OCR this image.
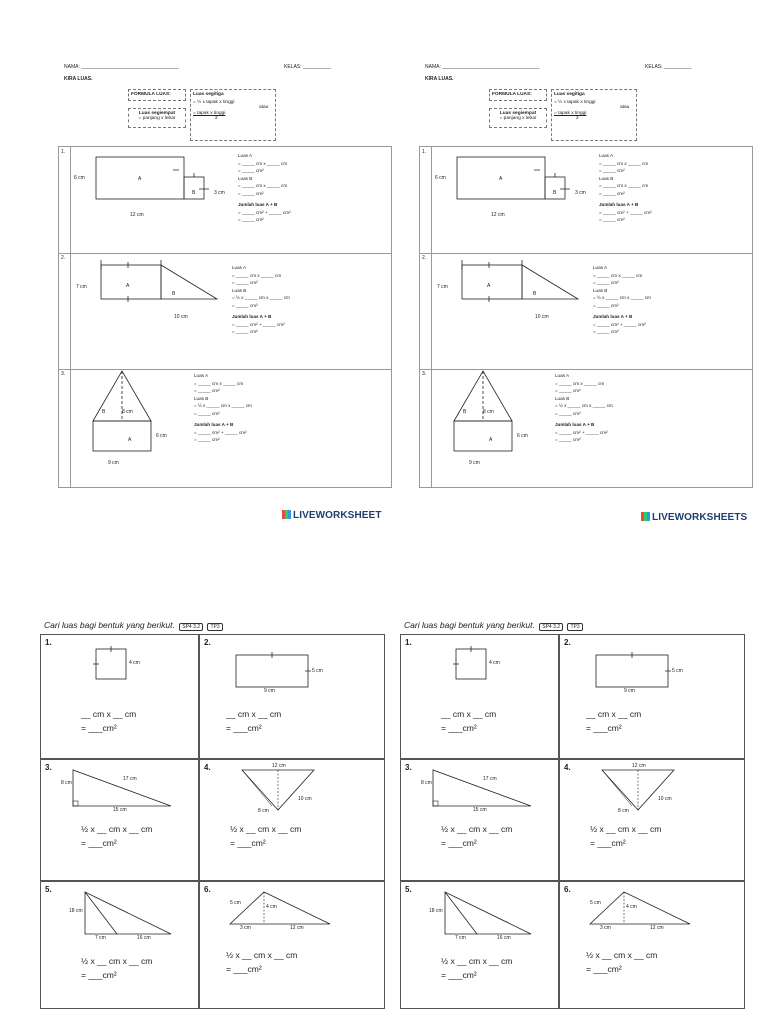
NAMA: ___________________________________	KELAS: __________
KIRA LUAS.
FORMULA LUAS:
Luas segiempat
= panjang x lebar
Luas segitiga
= ½ x tapak x tinggi
atau
= tapak x tinggi
2
1.
2.
3.
A
B
6 cm
3 cm
12 cm
Luas A
= _____ cm x _____ cm
= _____ cm²
Luas B
= _____ cm x _____ cm
= _____ cm²
Jumlah luas A + B
= _____ cm² + _____ cm²
= _____ cm²
A
B
7 cm
10 cm
Luas A
= _____ cm x _____ cm
= _____ cm²
Luas B
= ½ x _____ cm x _____ cm
= _____ cm²
Jumlah luas A + B
= _____ cm² + _____ cm²
= _____ cm²
B	8 cm
A
6 cm
9 cm
Luas A
= _____ cm x _____ cm
= _____ cm²
Luas B
= ½ x _____ cm x _____ cm
= _____ cm²
Jumlah luas A + B
= _____ cm² + _____ cm²
= _____ cm²
NAMA: ___________________________________	KELAS: __________
KIRA LUAS.
FORMULA LUAS:
Luas segiempat
= panjang x lebar
Luas segitiga
= ½ x tapak x tinggi
atau
= tapak x tinggi
2
1.
2.
3.
A
B
6 cm
3 cm
12 cm
Luas A
= _____ cm x _____ cm
= _____ cm²
Luas B
= _____ cm x _____ cm
= _____ cm²
Jumlah luas A + B
= _____ cm² + _____ cm²
= _____ cm²
A
B
7 cm
10 cm
Luas A
= _____ cm x _____ cm
= _____ cm²
Luas B
= ½ x _____ cm x _____ cm
= _____ cm²
Jumlah luas A + B
= _____ cm² + _____ cm²
= _____ cm²
B	8 cm
A
6 cm
9 cm
Luas A
= _____ cm x _____ cm
= _____ cm²
Luas B
= ½ x _____ cm x _____ cm
= _____ cm²
Jumlah luas A + B
= _____ cm² + _____ cm²
= _____ cm²
LIVEWORKSHEET	LIVEWORKSHEETS
Cari luas bagi bentuk yang berikut. SP4 3.2 TP3
1.
4 cm
__ cm x __ cm
= ___cm²
2.
5 cm
9 cm
__ cm x __ cm
= ___cm²
3.
8 cm
17 cm
15 cm
½ x __ cm x __ cm
= ___cm²
4.	12 cm
10 cm
8 cm
½ x __ cm x __ cm
= ___cm²
5.
18 cm
7 cm	16 cm
½ x __ cm x __ cm
= ___cm²
6.
5 cm
4 cm
3 cm	12 cm
½ x __ cm x __ cm
= ___cm²
Cari luas bagi bentuk yang berikut. SP4 3.2 TP3
1.
4 cm
__ cm x __ cm
= ___cm²
2.
5 cm
9 cm
__ cm x __ cm
= ___cm²
3.
8 cm
17 cm
15 cm
½ x __ cm x __ cm
= ___cm²
4.	12 cm
10 cm
8 cm
½ x __ cm x __ cm
= ___cm²
5.
18 cm
7 cm	16 cm
½ x __ cm x __ cm
= ___cm²
6.
5 cm
4 cm
3 cm	12 cm
½ x __ cm x __ cm
= ___cm²
